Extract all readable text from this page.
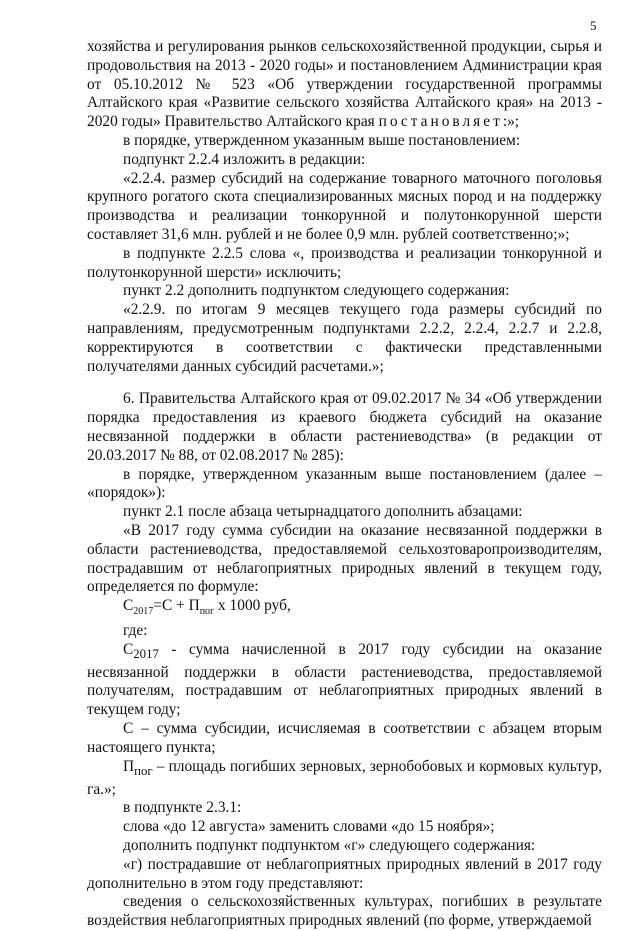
5

хозяйства и регулирования рынков сельскохозяйственной продукции, сырья и продовольствия на 2013 - 2020 годы» и постановлением Администрации края от 05.10.2012 № 523 «Об утверждении государственной программы Алтайского края «Развитие сельского хозяйства Алтайского края» на 2013 - 2020 годы» Правительство Алтайского края постановляет:»;

в порядке, утвержденном указанным выше постановлением:

подпункт 2.2.4 изложить в редакции:

«2.2.4. размер субсидий на содержание товарного маточного поголовья крупного рогатого скота специализированных мясных пород и на поддержку производства и реализации тонкорунной и полутонкорунной шерсти составляет 31,6 млн. рублей и не более 0,9 млн. рублей соответственно;»;

в подпункте 2.2.5 слова «, производства и реализации тонкорунной и полутонкорунной шерсти» исключить;

пункт 2.2 дополнить подпунктом следующего содержания:

«2.2.9. по итогам 9 месяцев текущего года размеры субсидий по направлениям, предусмотренным подпунктами 2.2.2, 2.2.4, 2.2.7 и 2.2.8, корректируются в соответствии с фактически представленными получателями данных субсидий расчетами.»;

6. Правительства Алтайского края от 09.02.2017 № 34 «Об утверждении порядка предоставления из краевого бюджета субсидий на оказание несвязанной поддержки в области растениеводства» (в редакции от 20.03.2017 № 88, от 02.08.2017 № 285):

в порядке, утвержденном указанным выше постановлением (далее – «порядок»):

пункт 2.1 после абзаца четырнадцатого дополнить абзацами:

«В 2017 году сумма субсидии на оказание несвязанной поддержки в области растениеводства, предоставляемой сельхозтоваропроизводителям, пострадавшим от неблагоприятных природных явлений в текущем году, определяется по формуле:

$С_{2017}=С + П_{пог}$ х 1000 руб,

где:

$С_{2017}$ - сумма начисленной в 2017 году субсидии на оказание несвязанной поддержки в области растениеводства, предоставляемой получателям, пострадавшим от неблагоприятных природных явлений в текущем году;

С – сумма субсидии, исчисляемая в соответствии с абзацем вторым настоящего пункта;

$П_{пог}$ – площадь погибших зерновых, зернобобовых и кормовых культур, га.»;

в подпункте 2.3.1:

слова «до 12 августа» заменить словами «до 15 ноября»;

дополнить подпункт подпунктом «г» следующего содержания:

«г) пострадавшие от неблагоприятных природных явлений в 2017 году дополнительно в этом году представляют:

сведения о сельскохозяйственных культурах, погибших в результате воздействия неблагоприятных природных явлений (по форме, утверждаемой
